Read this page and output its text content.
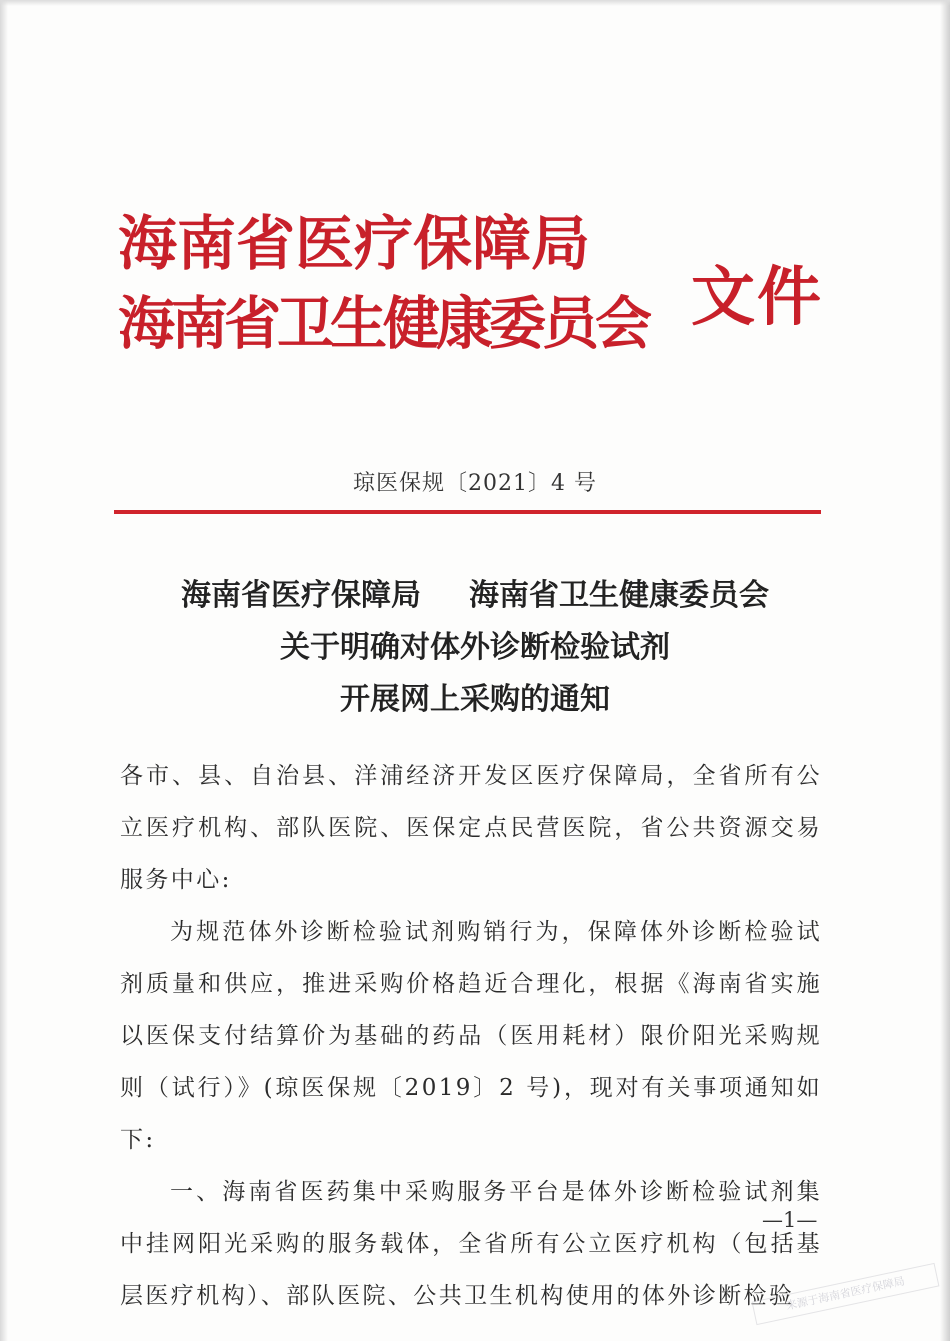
海南省医疗保障局
海南省卫生健康委员会 文件
琼医保规〔2021〕4 号
海南省医疗保障局 海南省卫生健康委员会
关于明确对体外诊断检验试剂
开展网上采购的通知

各市、县、自治县、洋浦经济开发区医疗保障局，全省所有公立医疗机构、部队医院、医保定点民营医院，省公共资源交易服务中心:

为规范体外诊断检验试剂购销行为，保障体外诊断检验试剂质量和供应，推进采购价格趋近合理化，根据《海南省实施以医保支付结算价为基础的药品（医用耗材）限价阳光采购规则（试行）》(琼医保规〔2019〕2 号)，现对有关事项通知如下:

一、海南省医药集中采购服务平台是体外诊断检验试剂集中挂网阳光采购的服务载体，全省所有公立医疗机构（包括基层医疗机构）、部队医院、公共卫生机构使用的体外诊断检验

—1—
来源于海南省医疗保障局
